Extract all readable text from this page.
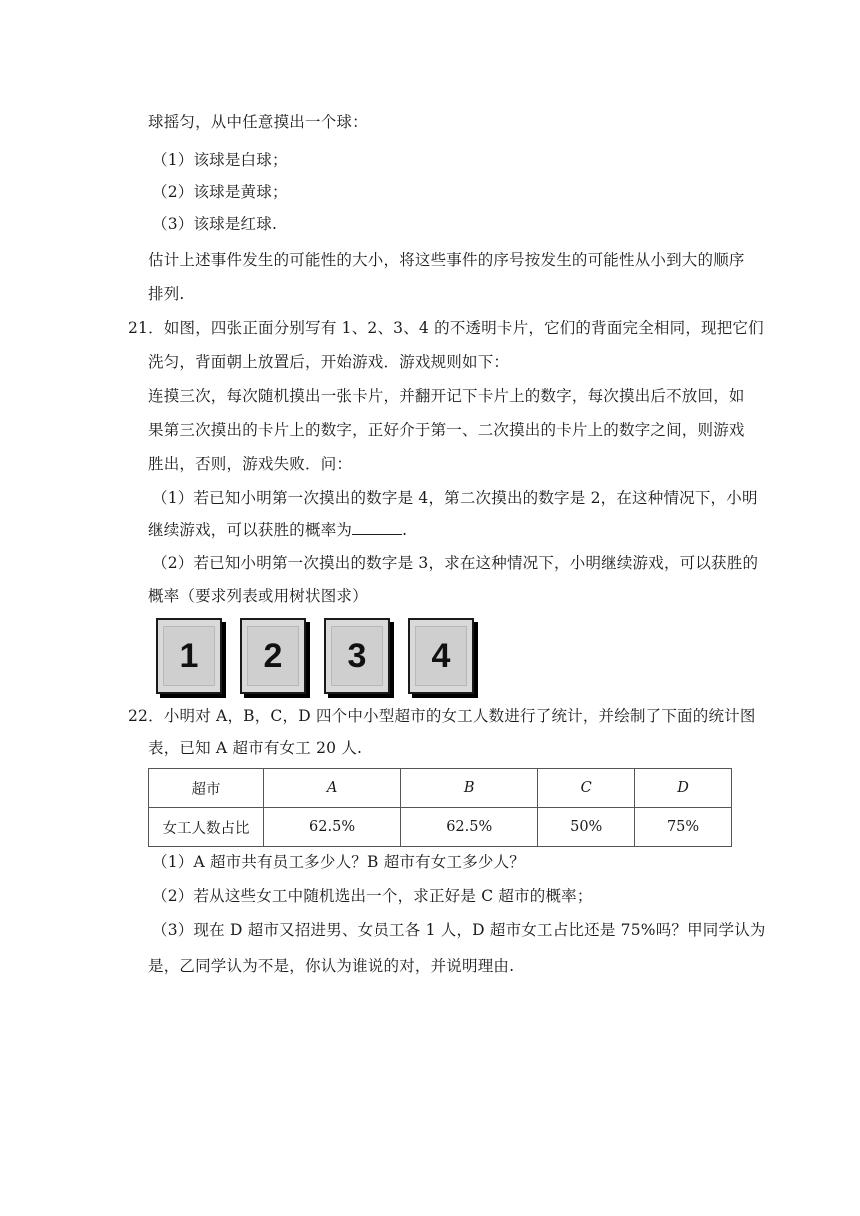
球摇匀，从中任意摸出一个球：
（1）该球是白球；
（2）该球是黄球；
（3）该球是红球.
估计上述事件发生的可能性的大小，将这些事件的序号按发生的可能性从小到大的顺序
排列.
21．如图，四张正面分别写有 1、2、3、4 的不透明卡片，它们的背面完全相同，现把它们
洗匀，背面朝上放置后，开始游戏．游戏规则如下：
连摸三次，每次随机摸出一张卡片，并翻开记下卡片上的数字，每次摸出后不放回，如
果第三次摸出的卡片上的数字，正好介于第一、二次摸出的卡片上的数字之间，则游戏
胜出，否则，游戏失败．问：
（1）若已知小明第一次摸出的数字是 4，第二次摸出的数字是 2，在这种情况下，小明
继续游戏，可以获胜的概率为	.
（2）若已知小明第一次摸出的数字是 3，求在这种情况下，小明继续游戏，可以获胜的
概率（要求列表或用树状图求）
1	2	3	4
22．小明对 A，B，C，D 四个中小型超市的女工人数进行了统计，并绘制了下面的统计图
表，已知 A 超市有女工 20 人.
超市	A	B	C	D
女工人数占比	62.5%	62.5%	50%	75%
（1）A 超市共有员工多少人？B 超市有女工多少人？
（2）若从这些女工中随机选出一个，求正好是 C 超市的概率；
（3）现在 D 超市又招进男、女员工各 1 人，D 超市女工占比还是 75%吗？甲同学认为
是，乙同学认为不是，你认为谁说的对，并说明理由.
